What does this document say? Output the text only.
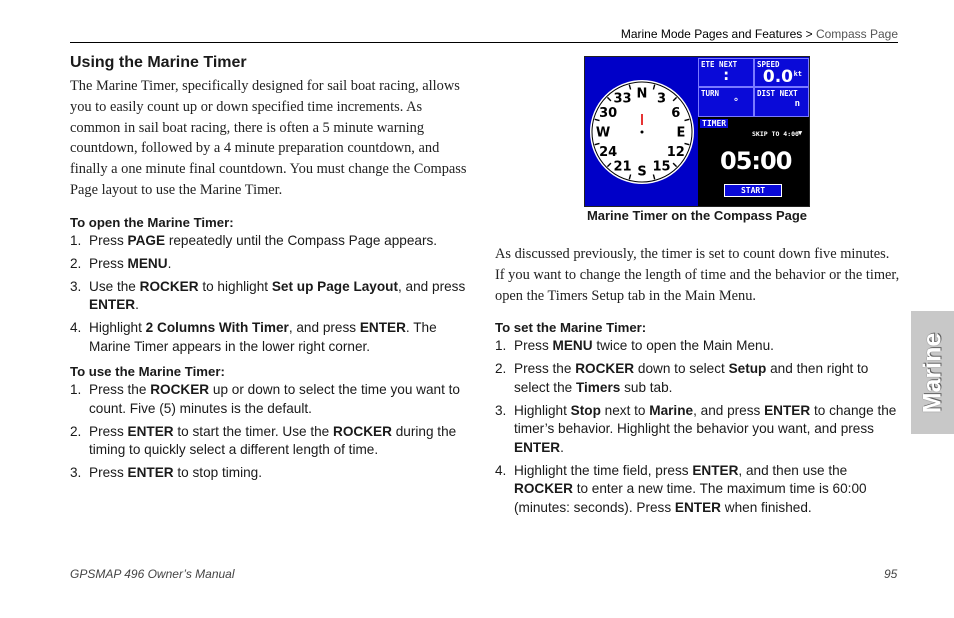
Marine Mode Pages and Features > Compass Page
Using the Marine Timer

The Marine Timer, specifically designed for sail boat racing, allows you to easily count up or down specified time increments. As common in sail boat racing, there is often a 5 minute warning countdown, followed by a 4 minute preparation countdown, and finally a one minute final countdown. You must change the Compass Page layout to use the Marine Timer.

To open the Marine Timer:
1. Press PAGE repeatedly until the Compass Page appears.
2. Press MENU.
3. Use the ROCKER to highlight Set up Page Layout, and press ENTER.
4. Highlight 2 Columns With Timer, and press ENTER. The Marine Timer appears in the lower right corner.
To use the Marine Timer:
1. Press the ROCKER up or down to select the time you want to count. Five (5) minutes is the default.
2. Press ENTER to start the timer. Use the ROCKER during the timing to quickly select a different length of time.
3. Press ENTER to stop timing.
N 3
6
E
12
15
S
21
24
W
30
33
ETE NEXT
:
SPEED
0.0 kt
TURN
°
DIST NEXT
n
TIMER
SKIP TO 4:00 ▼
05:00
START
Marine Timer on the Compass Page

As discussed previously, the timer is set to count down five minutes. If you want to change the length of time and the behavior or the timer, open the Timers Setup tab in the Main Menu.

To set the Marine Timer:
1. Press MENU twice to open the Main Menu.
2. Press the ROCKER down to select Setup and then right to select the Timers sub tab.
3. Highlight Stop next to Marine, and press ENTER to change the timer’s behavior. Highlight the behavior you want, and press ENTER.
4. Highlight the time field, press ENTER, and then use the ROCKER to enter a new time. The maximum time is 60:00 (minutes: seconds). Press ENTER when finished.
Marine
GPSMAP 496 Owner’s Manual	95
